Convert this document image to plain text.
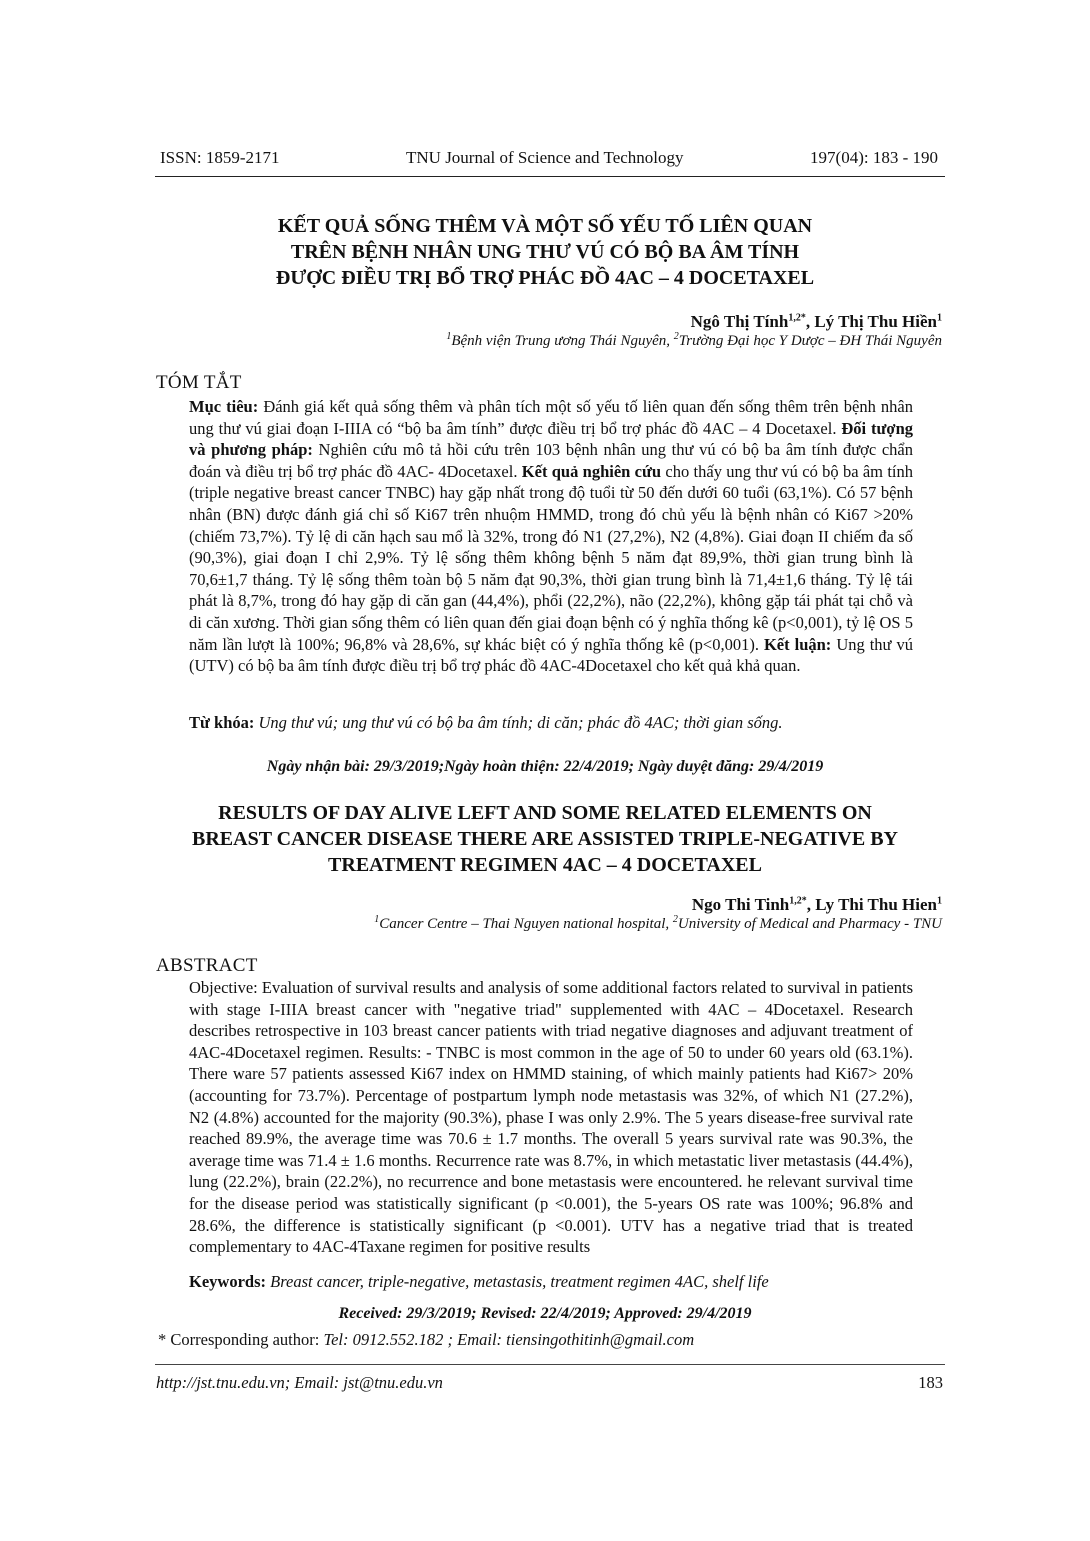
ISSN: 1859-2171	TNU Journal of Science and Technology	197(04): 183 - 190
KẾT QUẢ SỐNG THÊM VÀ MỘT SỐ YẾU TỐ LIÊN QUAN
TRÊN BỆNH NHÂN UNG THƯ VÚ CÓ BỘ BA ÂM TÍNH
ĐƯỢC ĐIỀU TRỊ BỔ TRỢ PHÁC ĐỒ 4AC – 4 DOCETAXEL
Ngô Thị Tính$^{1,2*}$, Lý Thị Thu Hiền$^1$
$^1$Bệnh viện Trung ương Thái Nguyên, $^2$Trường Đại học Y Dược – ĐH Thái Nguyên
TÓM TẮT
Mục tiêu: Đánh giá kết quả sống thêm và phân tích một số yếu tố liên quan đến sống thêm trên bệnh nhân ung thư vú giai đoạn I-IIIA có “bộ ba âm tính” được điều trị bổ trợ phác đồ 4AC – 4 Docetaxel. Đối tượng và phương pháp: Nghiên cứu mô tả hồi cứu trên 103 bệnh nhân ung thư vú có bộ ba âm tính được chẩn đoán và điều trị bổ trợ phác đồ 4AC- 4Docetaxel. Kết quả nghiên cứu cho thấy ung thư vú có bộ ba âm tính (triple negative breast cancer TNBC) hay gặp nhất trong độ tuổi từ 50 đến dưới 60 tuổi (63,1%). Có 57 bệnh nhân (BN) được đánh giá chỉ số Ki67 trên nhuộm HMMD, trong đó chủ yếu là bệnh nhân có Ki67 >20% (chiếm 73,7%). Tỷ lệ di căn hạch sau mổ là 32%, trong đó N1 (27,2%), N2 (4,8%). Giai đoạn II chiếm đa số (90,3%), giai đoạn I chỉ 2,9%. Tỷ lệ sống thêm không bệnh 5 năm đạt 89,9%, thời gian trung bình là 70,6±1,7 tháng. Tỷ lệ sống thêm toàn bộ 5 năm đạt 90,3%, thời gian trung bình là 71,4±1,6 tháng. Tỷ lệ tái phát là 8,7%, trong đó hay gặp di căn gan (44,4%), phổi (22,2%), não (22,2%), không gặp tái phát tại chỗ và di căn xương. Thời gian sống thêm có liên quan đến giai đoạn bệnh có ý nghĩa thống kê (p<0,001), tỷ lệ OS 5 năm lần lượt là 100%; 96,8% và 28,6%, sự khác biệt có ý nghĩa thống kê (p<0,001). Kết luận: Ung thư vú (UTV) có bộ ba âm tính được điều trị bổ trợ phác đồ 4AC-4Docetaxel cho kết quả khả quan.
Từ khóa: Ung thư vú; ung thư vú có bộ ba âm tính; di căn; phác đồ 4AC; thời gian sống.
Ngày nhận bài: 29/3/2019;Ngày hoàn thiện: 22/4/2019; Ngày duyệt đăng: 29/4/2019
RESULTS OF DAY ALIVE LEFT AND SOME RELATED ELEMENTS ON
BREAST CANCER DISEASE THERE ARE ASSISTED TRIPLE-NEGATIVE BY
TREATMENT REGIMEN 4AC – 4 DOCETAXEL
Ngo Thi Tinh$^{1,2*}$, Ly Thi Thu Hien$^1$
$^1$Cancer Centre – Thai Nguyen national hospital, $^2$University of Medical and Pharmacy - TNU
ABSTRACT
Objective: Evaluation of survival results and analysis of some additional factors related to survival in patients with stage I-IIIA breast cancer with "negative triad" supplemented with 4AC – 4Docetaxel. Research describes retrospective in 103 breast cancer patients with triad negative diagnoses and adjuvant treatment of 4AC-4Docetaxel regimen. Results: - TNBC is most common in the age of 50 to under 60 years old (63.1%). There ware 57 patients assessed Ki67 index on HMMD staining, of which mainly patients had Ki67> 20% (accounting for 73.7%). Percentage of postpartum lymph node metastasis was 32%, of which N1 (27.2%), N2 (4.8%) accounted for the majority (90.3%), phase I was only 2.9%. The 5 years disease-free survival rate reached 89.9%, the average time was 70.6 ± 1.7 months. The overall 5 years survival rate was 90.3%, the average time was 71.4 ± 1.6 months. Recurrence rate was 8.7%, in which metastatic liver metastasis (44.4%), lung (22.2%), brain (22.2%), no recurrence and bone metastasis were encountered. he relevant survival time for the disease period was statistically significant (p <0.001), the 5-years OS rate was 100%; 96.8% and 28.6%, the difference is statistically significant (p <0.001). UTV has a negative triad that is treated complementary to 4AC-4Taxane regimen for positive results
Keywords: Breast cancer, triple-negative, metastasis, treatment regimen 4AC, shelf life
Received: 29/3/2019; Revised: 22/4/2019; Approved: 29/4/2019
* Corresponding author: Tel: 0912.552.182 ; Email: tiensingothitinh@gmail.com
http://jst.tnu.edu.vn; Email: jst@tnu.edu.vn	183
